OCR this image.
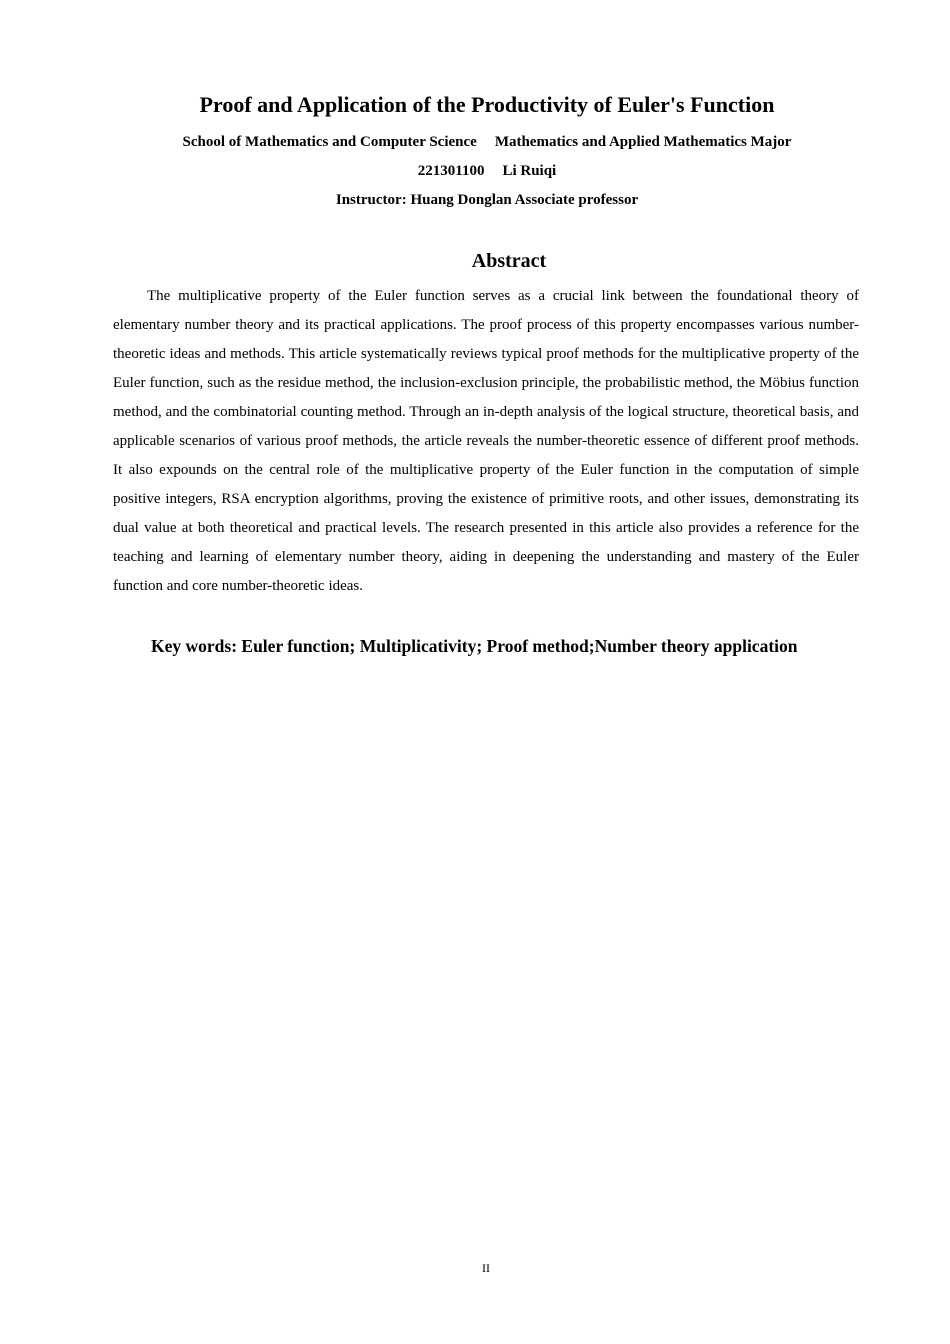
Proof and Application of the Productivity of Euler's Function

School of Mathematics and Computer Science Mathematics and Applied Mathematics Major

221301100 Li Ruiqi

Instructor: Huang Donglan Associate professor

Abstract

The multiplicative property of the Euler function serves as a crucial link between the foundational theory of elementary number theory and its practical applications. The proof process of this property encompasses various number-theoretic ideas and methods. This article systematically reviews typical proof methods for the multiplicative property of the Euler function, such as the residue method, the inclusion-exclusion principle, the probabilistic method, the Möbius function method, and the combinatorial counting method. Through an in-depth analysis of the logical structure, theoretical basis, and applicable scenarios of various proof methods, the article reveals the number-theoretic essence of different proof methods. It also expounds on the central role of the multiplicative property of the Euler function in the computation of simple positive integers, RSA encryption algorithms, proving the existence of primitive roots, and other issues, demonstrating its dual value at both theoretical and practical levels. The research presented in this article also provides a reference for the teaching and learning of elementary number theory, aiding in deepening the understanding and mastery of the Euler function and core number-theoretic ideas.

Key words: Euler function; Multiplicativity; Proof method;Number theory application

II
